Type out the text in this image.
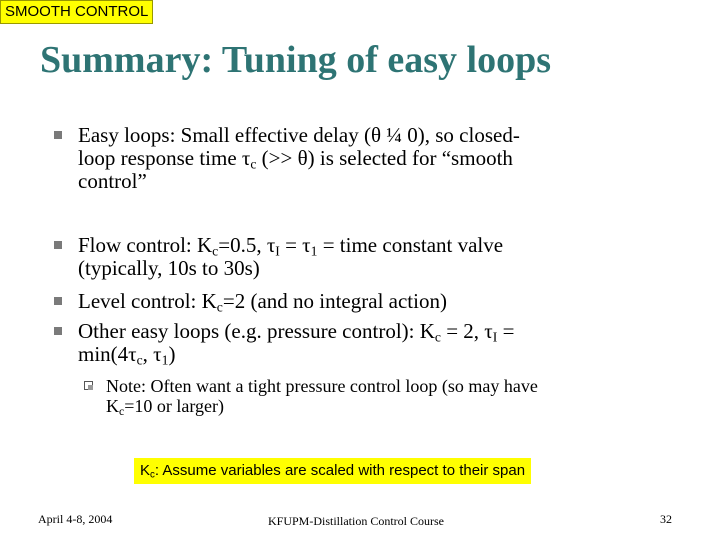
SMOOTH CONTROL
Summary: Tuning of easy loops
Easy loops: Small effective delay (θ ¼ 0), so closed-
loop response time $\tau_c$ (>> θ) is selected for “smooth
control”
Flow control: $K_c=0.5$, $\tau_I = \tau_1$ = time constant valve
(typically, 10s to 30s)
Level control: $K_c=2$ (and no integral action)
Other easy loops (e.g. pressure control): $K_c = 2$, $\tau_I$ =
$\min(4\tau_c$, $\tau_1$)
Note: Often want a tight pressure control loop (so may have
$K_c=10$ or larger)
$K_c$: Assume variables are scaled with respect to their span
April 4-8, 2004	KFUPM-Distillation Control Course	32
